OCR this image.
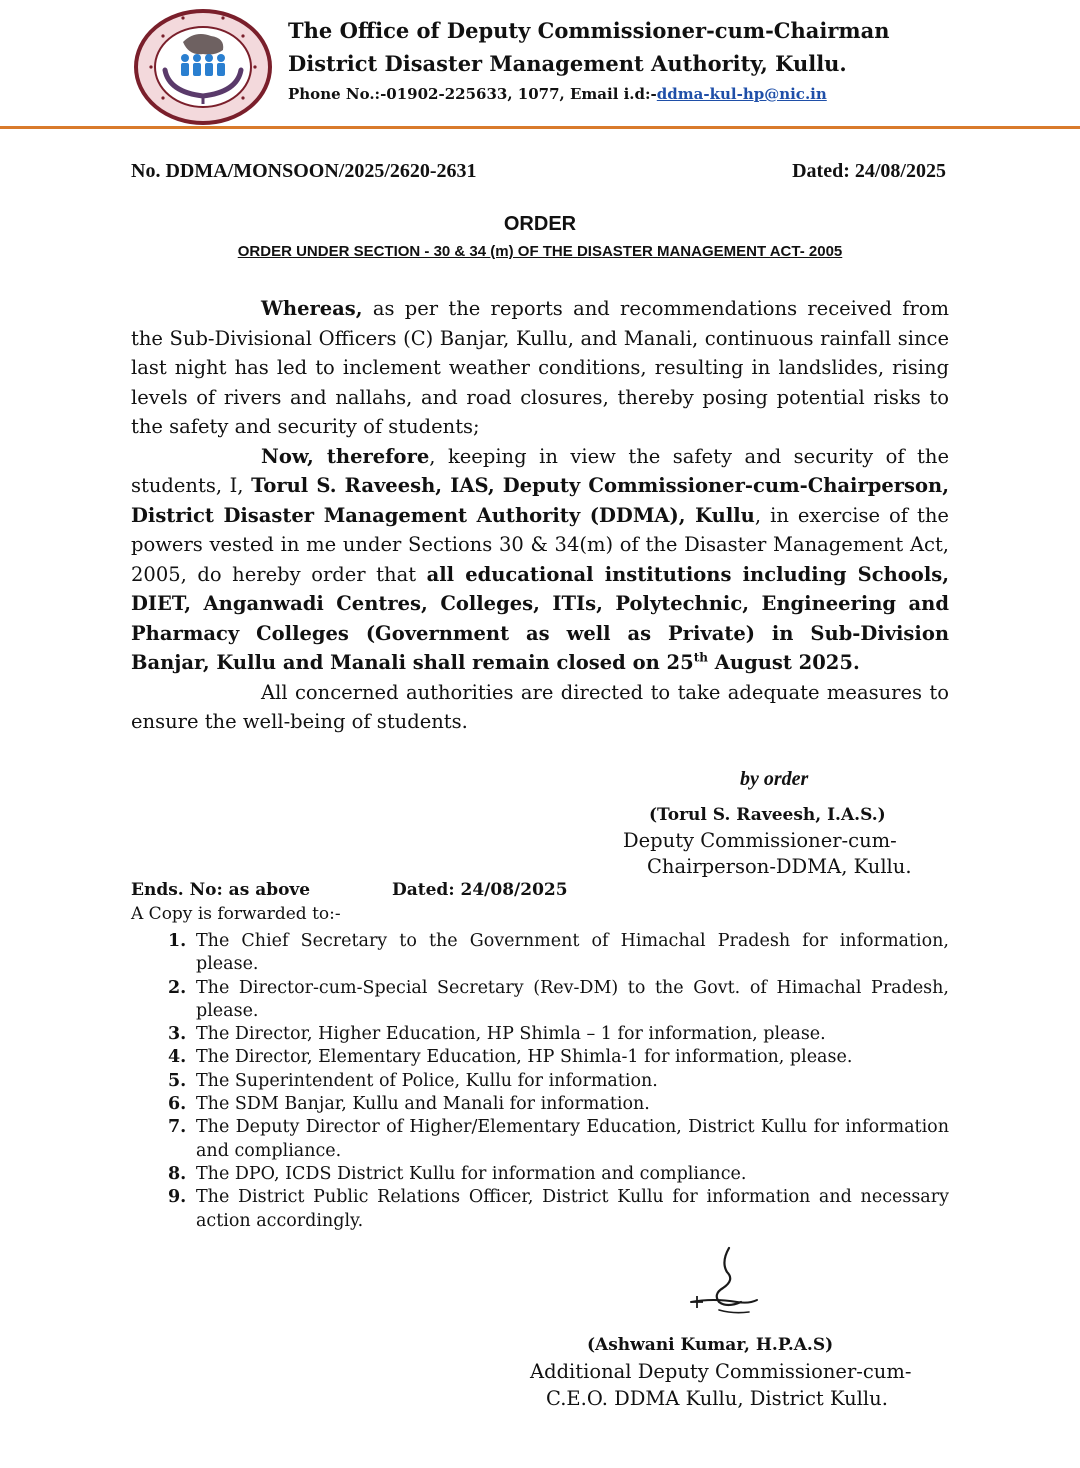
The Office of Deputy Commissioner-cum-Chairman
District Disaster Management Authority, Kullu.
Phone No.:-01902-225633, 1077, Email i.d:-ddma-kul-hp@nic.in
No. DDMA/MONSOON/2025/2620-2631	Dated: 24/08/2025
ORDER
ORDER UNDER SECTION - 30 & 34 (m) OF THE DISASTER MANAGEMENT ACT- 2005

Whereas, as per the reports and recommendations received from the Sub-Divisional Officers (C) Banjar, Kullu, and Manali, continuous rainfall since last night has led to inclement weather conditions, resulting in landslides, rising levels of rivers and nallahs, and road closures, thereby posing potential risks to the safety and security of students;

Now, therefore, keeping in view the safety and security of the students, I, Torul S. Raveesh, IAS, Deputy Commissioner-cum-Chairperson, District Disaster Management Authority (DDMA), Kullu, in exercise of the powers vested in me under Sections 30 & 34(m) of the Disaster Management Act, 2005, do hereby order that all educational institutions including Schools, DIET, Anganwadi Centres, Colleges, ITIs, Polytechnic, Engineering and Pharmacy Colleges (Government as well as Private) in Sub-Division Banjar, Kullu and Manali shall remain closed on 25th August 2025.

All concerned authorities are directed to take adequate measures to ensure the well-being of students.

by order
(Torul S. Raveesh, I.A.S.)
Deputy Commissioner-cum-
Chairperson-DDMA, Kullu.
Ends. No: as above	Dated: 24/08/2025
A Copy is forwarded to:-
1. The Chief Secretary to the Government of Himachal Pradesh for information, please.
2. The Director-cum-Special Secretary (Rev-DM) to the Govt. of Himachal Pradesh, please.
3. The Director, Higher Education, HP Shimla – 1 for information, please.
4. The Director, Elementary Education, HP Shimla-1 for information, please.
5. The Superintendent of Police, Kullu for information.
6. The SDM Banjar, Kullu and Manali for information.
7. The Deputy Director of Higher/Elementary Education, District Kullu for information and compliance.
8. The DPO, ICDS District Kullu for information and compliance.
9. The District Public Relations Officer, District Kullu for information and necessary action accordingly.
(Ashwani Kumar, H.P.A.S)
Additional Deputy Commissioner-cum-
C.E.O. DDMA Kullu, District Kullu.
